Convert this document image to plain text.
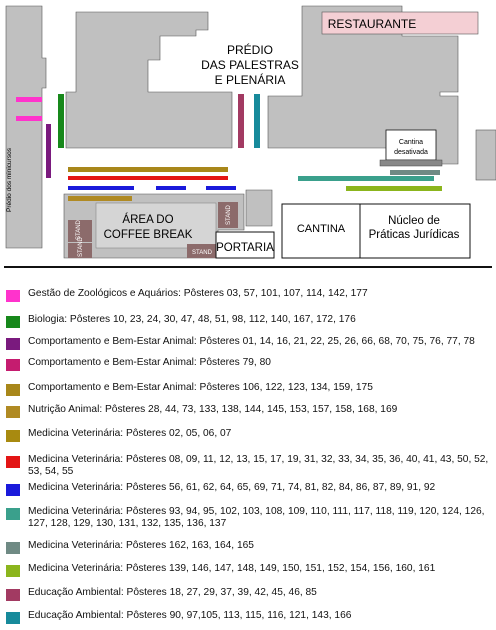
RESTAURANTE
Cantina
desativada
PRÉDIO
DAS PALESTRAS
E PLENÁRIA
Prédio dos minicursos
ÁREA DO
COFFEE BREAK
STAND
STAND
STAND
STAND PORTARIA
CANTINA
Núcleo de
Práticas Jurídicas
Gestão de Zoológicos e Aquários: Pôsteres 03, 57, 101, 107, 114, 142, 177
Biologia: Pôsteres 10, 23, 24, 30, 47, 48, 51, 98, 112, 140, 167, 172, 176
Comportamento e Bem-Estar Animal: Pôsteres 01, 14, 16, 21, 22, 25, 26, 66, 68, 70, 75, 76, 77, 78
Comportamento e Bem-Estar Animal: Pôsteres 79, 80
Comportamento e Bem-Estar Animal: Pôsteres 106, 122, 123, 134, 159, 175
Nutrição Animal: Pôsteres 28, 44, 73, 133, 138, 144, 145, 153, 157, 158, 168, 169
Medicina Veterinária: Pôsteres 02, 05, 06, 07
Medicina Veterinária: Pôsteres 08, 09, 11, 12, 13, 15, 17, 19, 31, 32, 33, 34, 35, 36, 40, 41, 43, 50, 52, 53, 54, 55
Medicina Veterinária: Pôsteres 56, 61, 62, 64, 65, 69, 71, 74, 81, 82, 84, 86, 87, 89, 91, 92
Medicina Veterinária: Pôsteres 93, 94, 95, 102, 103, 108, 109, 110, 111, 117, 118, 119, 120, 124, 126, 127, 128, 129, 130, 131, 132, 135, 136, 137
Medicina Veterinária: Pôsteres 162, 163, 164, 165
Medicina Veterinária: Pôsteres 139, 146, 147, 148, 149, 150, 151, 152, 154, 156, 160, 161
Educação Ambiental: Pôsteres 18, 27, 29, 37, 39, 42, 45, 46, 85
Educação Ambiental: Pôsteres 90, 97,105, 113, 115, 116, 121, 143, 166
